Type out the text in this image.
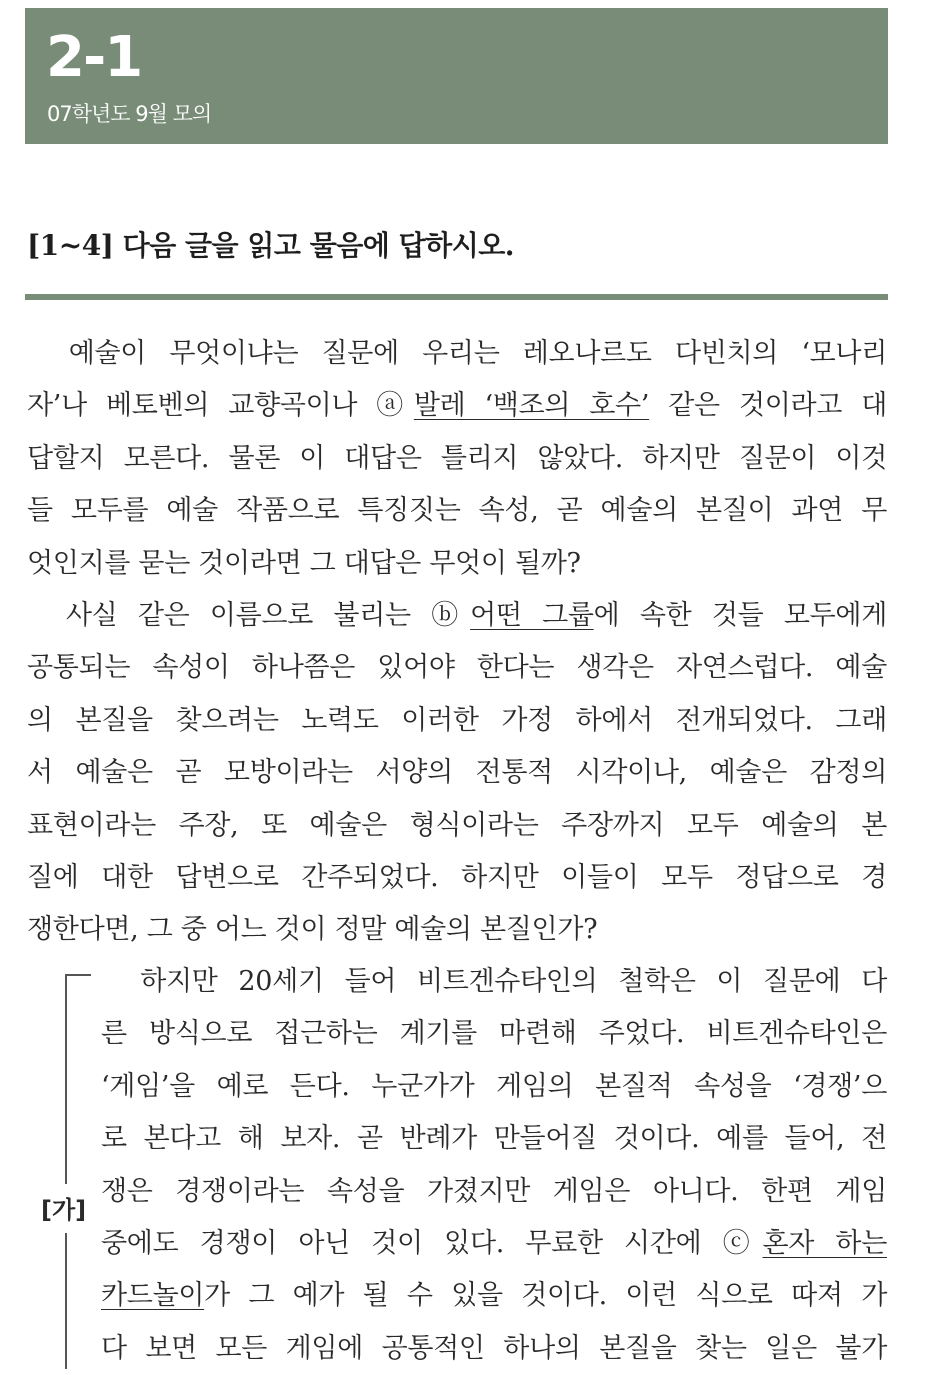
2-1
07학년도 9월 모의
[1~4] 다음 글을 읽고 물음에 답하시오.
　예술이 무엇이냐는 질문에 우리는 레오나르도 다빈치의 ‘모나리
자’나 베토벤의 교향곡이나 ⓐ발레 ‘백조의 호수’ 같은 것이라고 대
답할지 모른다. 물론 이 대답은 틀리지 않았다. 하지만 질문이 이것
들 모두를 예술 작품으로 특징짓는 속성, 곧 예술의 본질이 과연 무
엇인지를 묻는 것이라면 그 대답은 무엇이 될까?
　사실 같은 이름으로 불리는 ⓑ어떤 그룹에 속한 것들 모두에게
공통되는 속성이 하나쯤은 있어야 한다는 생각은 자연스럽다. 예술
의 본질을 찾으려는 노력도 이러한 가정 하에서 전개되었다. 그래
서 예술은 곧 모방이라는 서양의 전통적 시각이나, 예술은 감정의
표현이라는 주장, 또 예술은 형식이라는 주장까지 모두 예술의 본
질에 대한 답변으로 간주되었다. 하지만 이들이 모두 정답으로 경
쟁한다면, 그 중 어느 것이 정말 예술의 본질인가?
[가]
　하지만 20세기 들어 비트겐슈타인의 철학은 이 질문에 다
른 방식으로 접근하는 계기를 마련해 주었다. 비트겐슈타인은
‘게임’을 예로 든다. 누군가가 게임의 본질적 속성을 ‘경쟁’으
로 본다고 해 보자. 곧 반례가 만들어질 것이다. 예를 들어, 전
쟁은 경쟁이라는 속성을 가졌지만 게임은 아니다. 한편 게임
중에도 경쟁이 아닌 것이 있다. 무료한 시간에 ⓒ혼자 하는
카드놀이가 그 예가 될 수 있을 것이다. 이런 식으로 따져 가
다 보면 모든 게임에 공통적인 하나의 본질을 찾는 일은 불가
